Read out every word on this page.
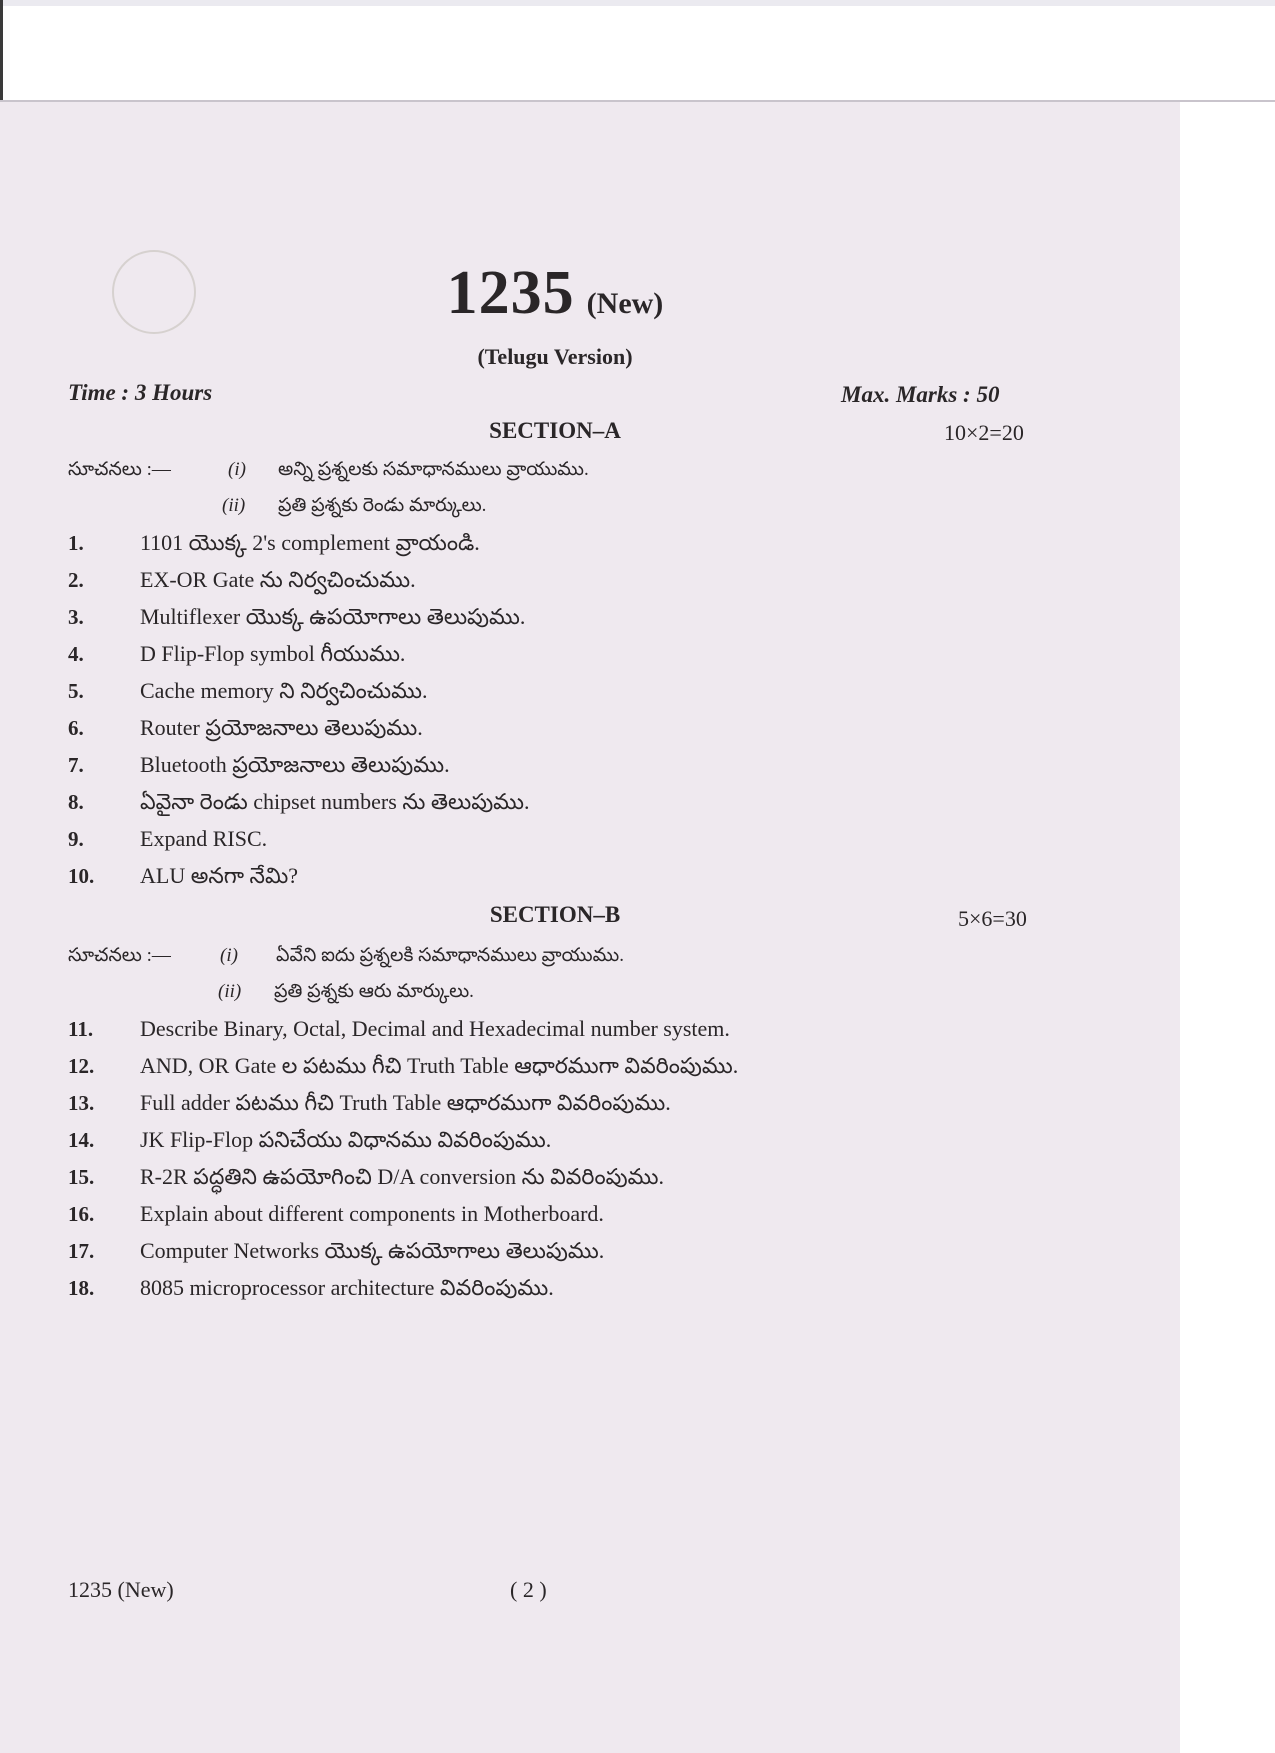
1235 (New)
(Telugu Version)
Time : 3 Hours	Max. Marks : 50
SECTION–A	10×2=20
సూచనలు :—	(i) అన్ని ప్రశ్నలకు సమాధానములు వ్రాయుము.
(ii) ప్రతి ప్రశ్నకు రెండు మార్కులు.
1.	1101 యొక్క 2's complement వ్రాయండి.
2.	EX-OR Gate ను నిర్వచించుము.
3.	Multiflexer యొక్క ఉపయోగాలు తెలుపుము.
4.	D Flip-Flop symbol గీయుము.
5.	Cache memory ని నిర్వచించుము.
6.	Router ప్రయోజనాలు తెలుపుము.
7.	Bluetooth ప్రయోజనాలు తెలుపుము.
8.	ఏవైనా రెండు chipset numbers ను తెలుపుము.
9.	Expand RISC.
10. ALU అనగా నేమి?
SECTION–B	5×6=30
సూచనలు :—	(i) ఏవేని ఐదు ప్రశ్నలకి సమాధానములు వ్రాయుము.
(ii) ప్రతి ప్రశ్నకు ఆరు మార్కులు.
11. Describe Binary, Octal, Decimal and Hexadecimal number system.
12. AND, OR Gate ల పటము గీచి Truth Table ఆధారముగా వివరింపుము.
13. Full adder పటము గీచి Truth Table ఆధారముగా వివరింపుము.
14. JK Flip-Flop పనిచేయు విధానము వివరింపుము.
15. R-2R పద్ధతిని ఉపయోగించి D/A conversion ను వివరింపుము.
16. Explain about different components in Motherboard.
17. Computer Networks యొక్క ఉపయోగాలు తెలుపుము.
18. 8085 microprocessor architecture వివరింపుము.
1235 (New)	( 2 )
